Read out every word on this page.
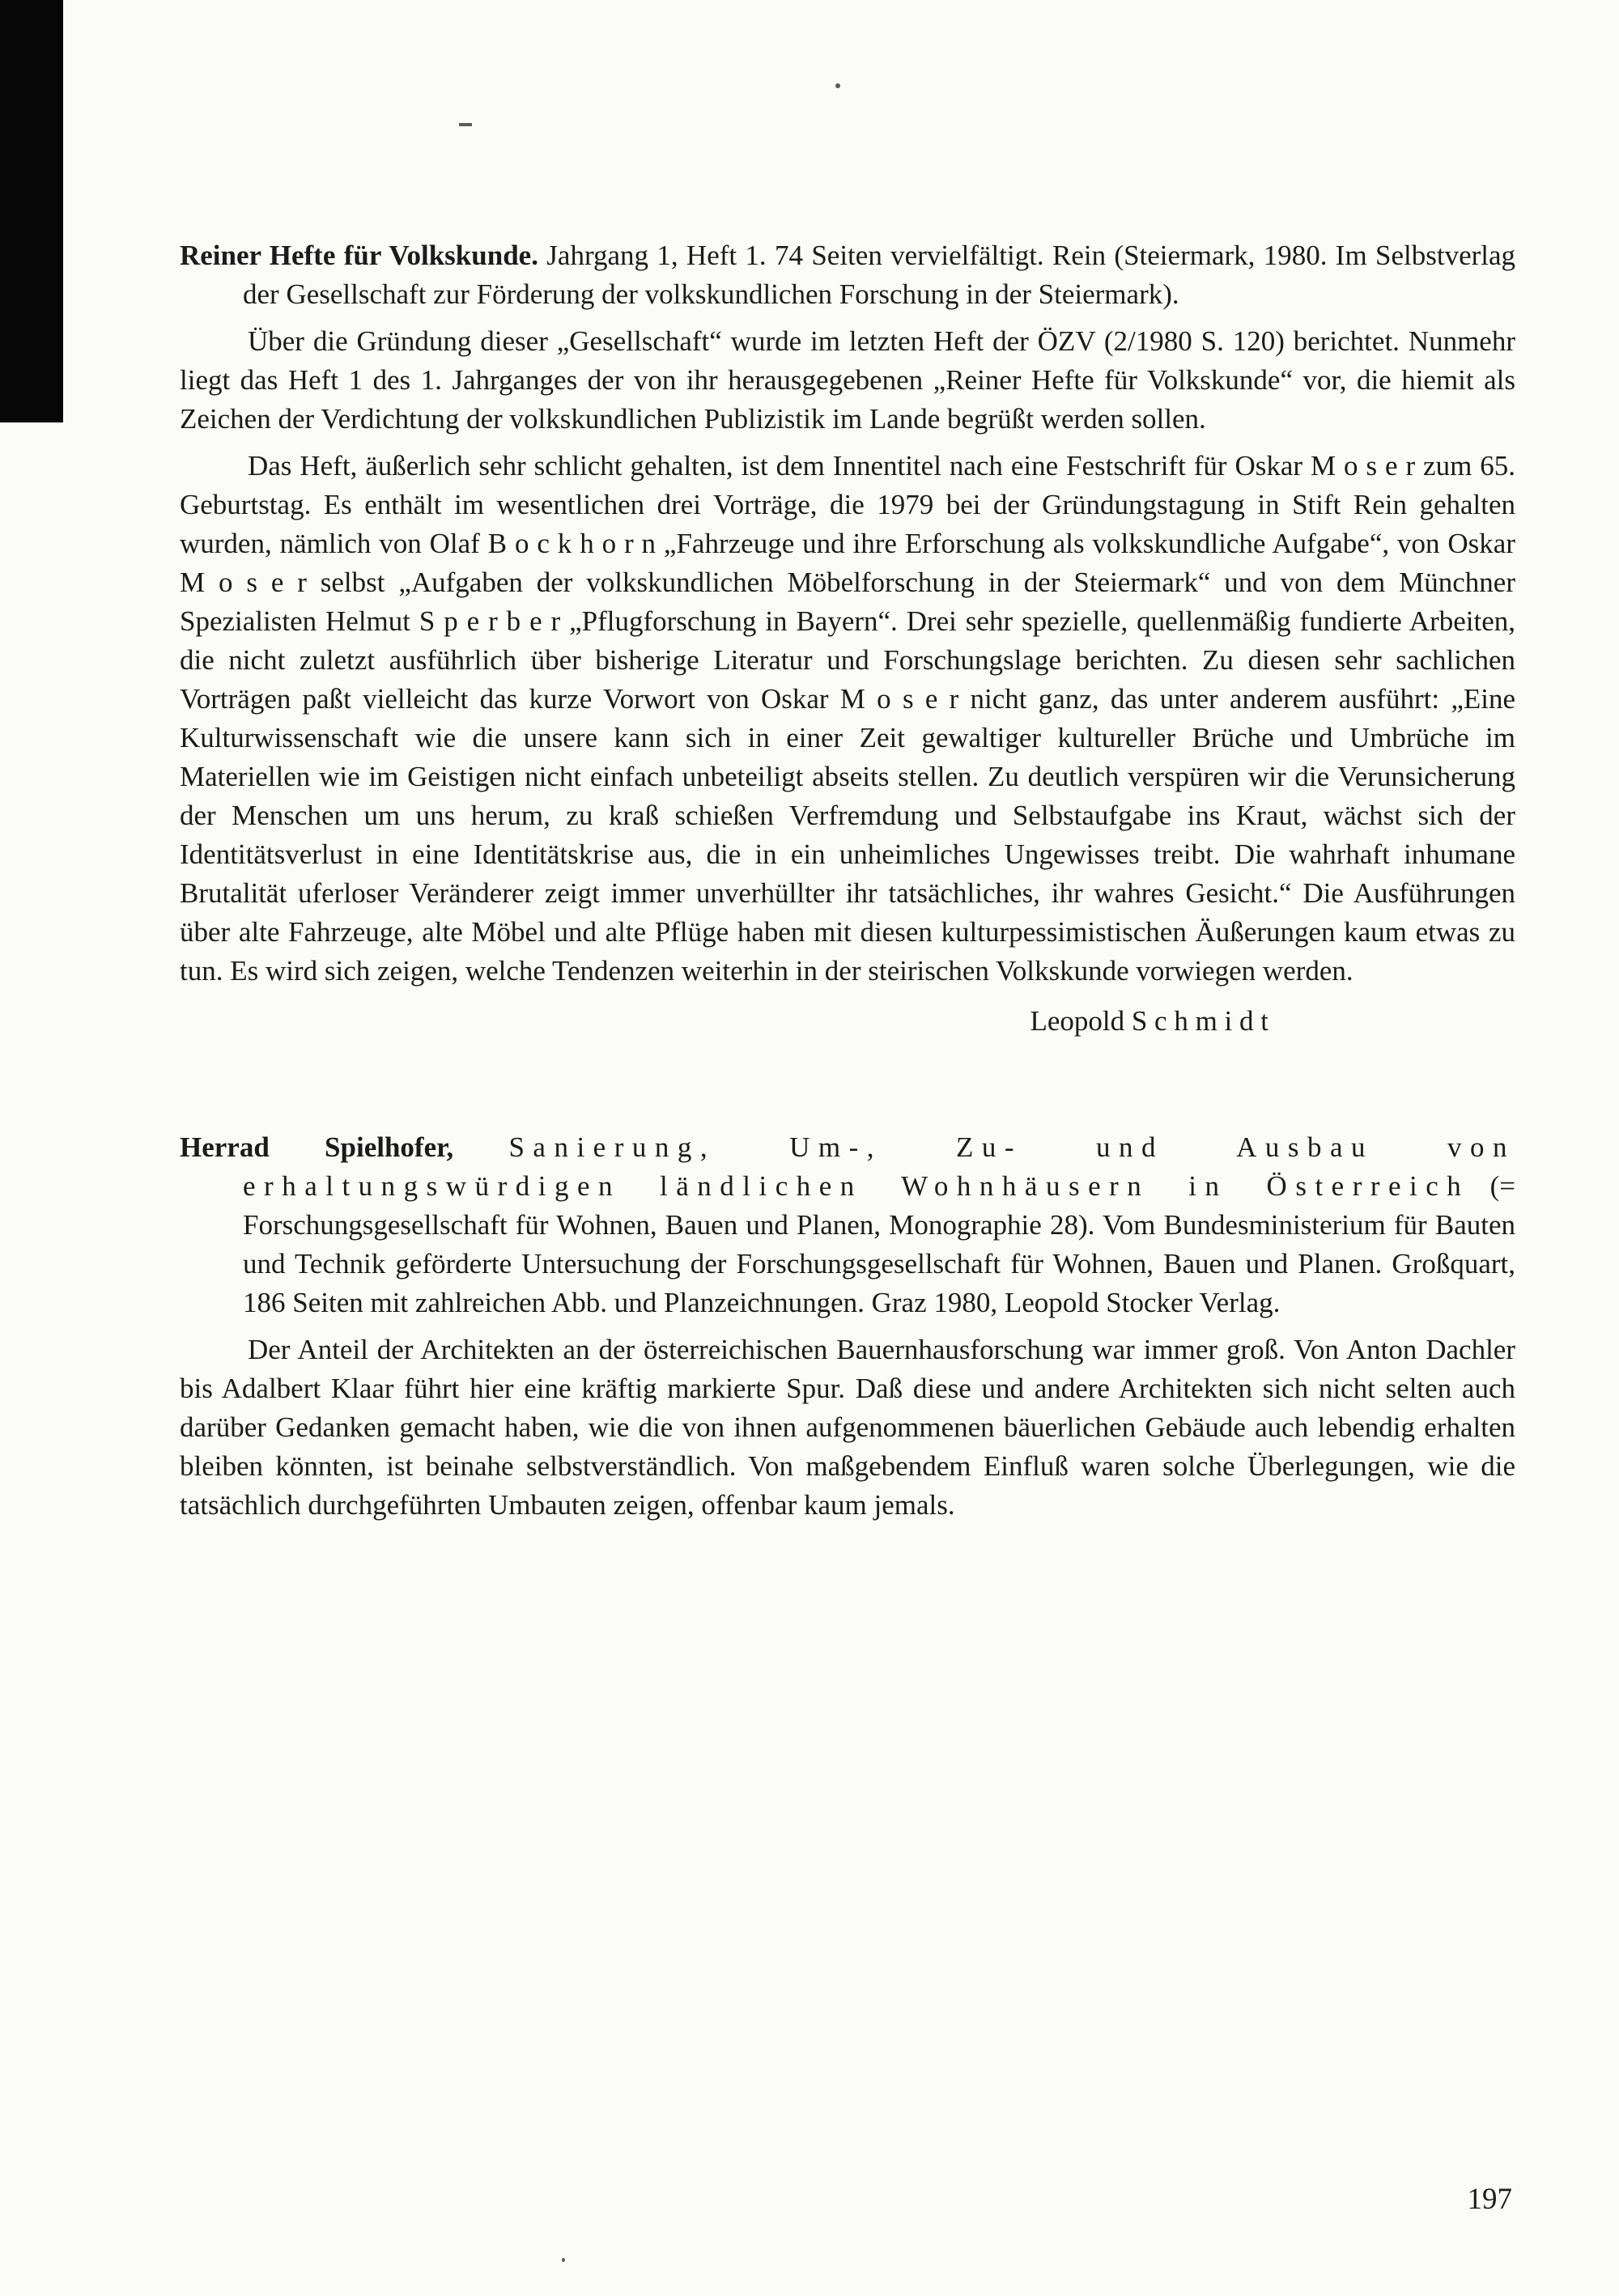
Reiner Hefte für Volkskunde. Jahrgang 1, Heft 1. 74 Seiten vervielfältigt. Rein (Steiermark, 1980. Im Selbstverlag der Gesellschaft zur Förderung der volkskundlichen Forschung in der Steiermark).

Über die Gründung dieser „Gesellschaft“ wurde im letzten Heft der ÖZV (2/1980 S. 120) berichtet. Nunmehr liegt das Heft 1 des 1. Jahrganges der von ihr herausgegebenen „Reiner Hefte für Volkskunde“ vor, die hiemit als Zeichen der Verdichtung der volkskundlichen Publizistik im Lande begrüßt werden sollen.

Das Heft, äußerlich sehr schlicht gehalten, ist dem Innentitel nach eine Festschrift für Oskar M o s e r zum 65. Geburtstag. Es enthält im wesentlichen drei Vorträge, die 1979 bei der Gründungstagung in Stift Rein gehalten wurden, nämlich von Olaf B o c k h o r n „Fahrzeuge und ihre Erforschung als volkskundliche Aufgabe“, von Oskar M o s e r selbst „Aufgaben der volkskundlichen Möbelforschung in der Steiermark“ und von dem Münchner Spezialisten Helmut S p e r b e r „Pflugforschung in Bayern“. Drei sehr spezielle, quellenmäßig fundierte Arbeiten, die nicht zuletzt ausführlich über bisherige Literatur und Forschungslage berichten. Zu diesen sehr sachlichen Vorträgen paßt vielleicht das kurze Vorwort von Oskar M o s e r nicht ganz, das unter anderem ausführt: „Eine Kulturwissenschaft wie die unsere kann sich in einer Zeit gewaltiger kultureller Brüche und Umbrüche im Materiellen wie im Geistigen nicht einfach unbeteiligt abseits stellen. Zu deutlich verspüren wir die Verunsicherung der Menschen um uns herum, zu kraß schießen Verfremdung und Selbstaufgabe ins Kraut, wächst sich der Identitätsverlust in eine Identitätskrise aus, die in ein unheimliches Ungewisses treibt. Die wahrhaft inhumane Brutalität uferloser Veränderer zeigt immer unverhüllter ihr tatsächliches, ihr wahres Gesicht.“ Die Ausführungen über alte Fahrzeuge, alte Möbel und alte Pflüge haben mit diesen kulturpessimistischen Äußerungen kaum etwas zu tun. Es wird sich zeigen, welche Tendenzen weiterhin in der steirischen Volkskunde vorwiegen werden.

Leopold S c h m i d t

Herrad Spielhofer, Sanierung, Um-, Zu- und Ausbau von erhaltungswürdigen ländlichen Wohnhäusern in Österreich (= Forschungsgesellschaft für Wohnen, Bauen und Planen, Monographie 28). Vom Bundesministerium für Bauten und Technik geförderte Untersuchung der Forschungsgesellschaft für Wohnen, Bauen und Planen. Großquart, 186 Seiten mit zahlreichen Abb. und Planzeichnungen. Graz 1980, Leopold Stocker Verlag.

Der Anteil der Architekten an der österreichischen Bauernhausforschung war immer groß. Von Anton Dachler bis Adalbert Klaar führt hier eine kräftig markierte Spur. Daß diese und andere Architekten sich nicht selten auch darüber Gedanken gemacht haben, wie die von ihnen aufgenommenen bäuerlichen Gebäude auch lebendig erhalten bleiben könnten, ist beinahe selbstverständlich. Von maßgebendem Einfluß waren solche Überlegungen, wie die tatsächlich durchgeführten Umbauten zeigen, offenbar kaum jemals.

197
